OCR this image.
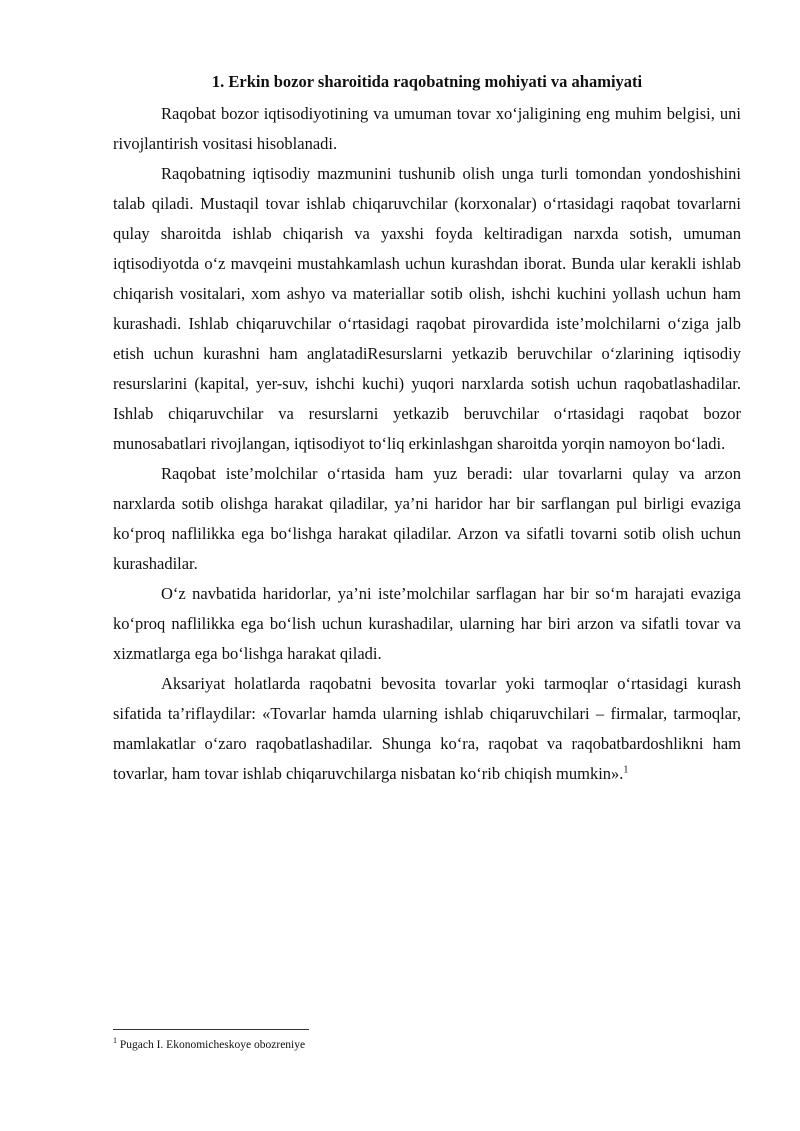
1. Erkin bozor sharoitida raqobatning mohiyati va ahamiyati

Raqobat bozor iqtisodiyotining va umuman tovar xo‘jaligining eng muhim belgisi, uni rivojlantirish vositasi hisoblanadi.

Raqobatning iqtisodiy mazmunini tushunib olish unga turli tomondan yondoshishini talab qiladi. Mustaqil tovar ishlab chiqaruvchilar (korxonalar) o‘rtasidagi raqobat tovarlarni qulay sharoitda ishlab chiqarish va yaxshi foyda keltiradigan narxda sotish, umuman iqtisodiyotda o‘z mavqeini mustahkamlash uchun kurashdan iborat. Bunda ular kerakli ishlab chiqarish vositalari, xom ashyo va materiallar sotib olish, ishchi kuchini yollash uchun ham kurashadi. Ishlab chiqaruvchilar o‘rtasidagi raqobat pirovardida iste’molchilarni o‘ziga jalb etish uchun kurashni ham anglatadiResurslarni yetkazib beruvchilar o‘zlarining iqtisodiy resurslarini (kapital, yer-suv, ishchi kuchi) yuqori narxlarda sotish uchun raqobatlashadilar. Ishlab chiqaruvchilar va resurslarni yetkazib beruvchilar o‘rtasidagi raqobat bozor munosabatlari rivojlangan, iqtisodiyot to‘liq erkinlashgan sharoitda yorqin namoyon bo‘ladi.

Raqobat iste’molchilar o‘rtasida ham yuz beradi: ular tovarlarni qulay va arzon narxlarda sotib olishga harakat qiladilar, ya’ni haridor har bir sarflangan pul birligi evaziga ko‘proq naflilikka ega bo‘lishga harakat qiladilar. Arzon va sifatli tovarni sotib olish uchun kurashadilar.

O‘z navbatida haridorlar, ya’ni iste’molchilar sarflagan har bir so‘m harajati evaziga ko‘proq naflilikka ega bo‘lish uchun kurashadilar, ularning har biri arzon va sifatli tovar va xizmatlarga ega bo‘lishga harakat qiladi.

Aksariyat holatlarda raqobatni bevosita tovarlar yoki tarmoqlar o‘rtasidagi kurash sifatida ta’riflaydilar: «Tovarlar hamda ularning ishlab chiqaruvchilari – firmalar, tarmoqlar, mamlakatlar o‘zaro raqobatlashadilar. Shunga ko‘ra, raqobat va raqobatbardoshlikni ham tovarlar, ham tovar ishlab chiqaruvchilarga nisbatan ko‘rib chiqish mumkin».$^1$

$^1$ Pugach I. Ekonomicheskoye obozreniye
